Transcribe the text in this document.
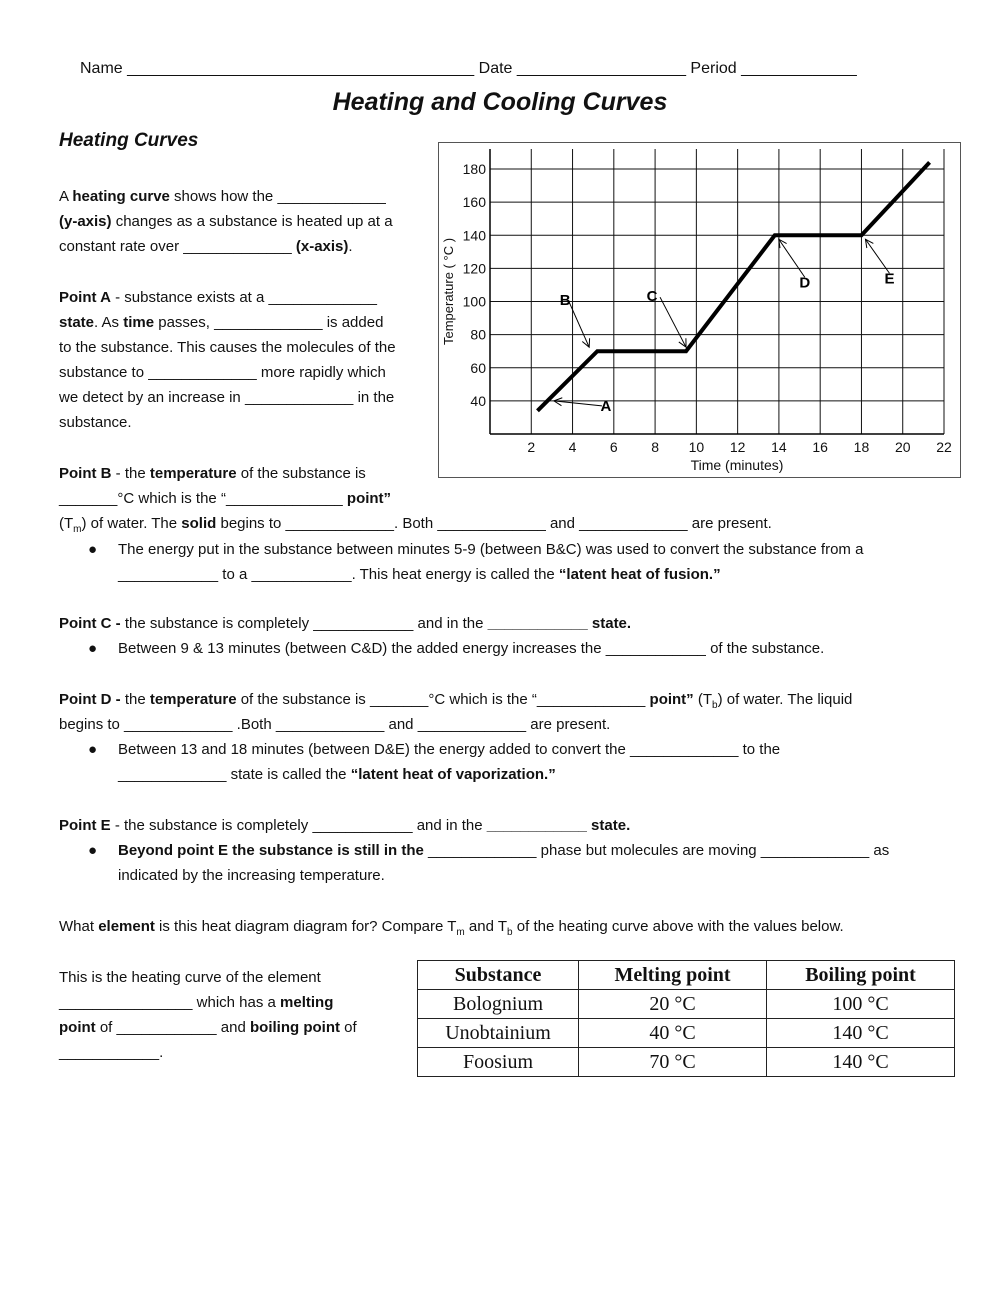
Name _______________________________________ Date ___________________ Period _____________
Heating and Cooling Curves
Heating Curves
A heating curve shows how the _____________
(y-axis) changes as a substance is heated up at a
constant rate over _____________ (x-axis).
Point A - substance exists at a _____________
state. As time passes, _____________ is added
to the substance. This causes the molecules of the
substance to _____________ more rapidly which
we detect by an increase in _____________ in the
substance.
Point B - the temperature of the substance is
_______°C which is the “______________ point”
$(T_m)$ of water. The solid begins to _____________. Both _____________ and _____________ are present.
● The energy put in the substance between minutes 5-9 (between B&C) was used to convert the substance from a
____________ to a ____________. This heat energy is called the “latent heat of fusion.”
Point C - the substance is completely ____________ and in the ____________ state.
● Between 9 & 13 minutes (between C&D) the added energy increases the ____________ of the substance.
Point D - the temperature of the substance is _______°C which is the “_____________ point” $(T_b)$ of water. The liquid
begins to _____________ .Both _____________ and _____________ are present.
● Between 13 and 18 minutes (between D&E) the energy added to convert the _____________ to the
_____________ state is called the “latent heat of vaporization.”
Point E - the substance is completely ____________ and in the ____________ state.
● Beyond point E the substance is still in the _____________ phase but molecules are moving _____________ as
indicated by the increasing temperature.
What element is this heat diagram diagram for? Compare $T_m$ and $T_b$ of the heating curve above with the values below.
This is the heating curve of the element
________________ which has a melting
point of ____________ and boiling point of
____________.
Substance	Melting point	Boiling point
Bolognium	20 °C	100 °C
Unobtainium	40 °C	140 °C
Foosium	70 °C	140 °C
2 4 6 8 10 12 14 16 18 20 22
40
60
80
100
120
140
160
180
Time (minutes)
Temperature ( °C )
A
B	C
D	E
